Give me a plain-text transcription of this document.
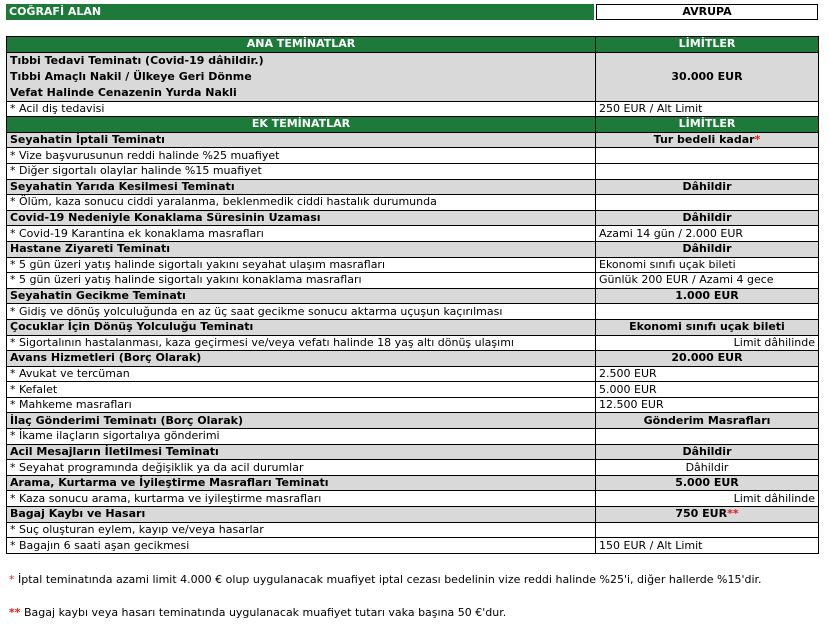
COĞRAFİ ALAN	AVRUPA
ANA TEMİNATLAR	LİMİTLER

Tıbbi Tedavi Teminatı (Covid-19 dâhildir.)
Tıbbi Amaçlı Nakil / Ülkeye Geri Dönme
Vefat Halinde Cenazenin Yurda Nakli	30.000 EUR
* Acil diş tedavisi	250 EUR / Alt Limit
EK TEMİNATLAR	LİMİTLER
Seyahatin İptali Teminatı	Tur bedeli kadar*
* Vize başvurusunun reddi halinde %25 muafiyet	
* Diğer sigortalı olaylar halinde %15 muafiyet	
Seyahatin Yarıda Kesilmesi Teminatı	Dâhildir
* Ölüm, kaza sonucu ciddi yaralanma, beklenmedik ciddi hastalık durumunda	
Covid-19 Nedeniyle Konaklama Süresinin Uzaması	Dâhildir
* Covid-19 Karantina ek konaklama masrafları	Azami 14 gün / 2.000 EUR
Hastane Ziyareti Teminatı	Dâhildir
* 5 gün üzeri yatış halinde sigortalı yakını seyahat ulaşım masrafları	Ekonomi sınıfı uçak bileti
* 5 gün üzeri yatış halinde sigortalı yakını konaklama masrafları	Günlük 200 EUR / Azami 4 gece
Seyahatin Gecikme Teminatı	1.000 EUR
* Gidiş ve dönüş yolculuğunda en az üç saat gecikme sonucu aktarma uçuşun kaçırılması	
Çocuklar İçin Dönüş Yolculuğu Teminatı	Ekonomi sınıfı uçak bileti
* Sigortalının hastalanması, kaza geçirmesi ve/veya vefatı halinde 18 yaş altı dönüş ulaşımı	Limit dâhilinde
Avans Hizmetleri (Borç Olarak)	20.000 EUR
* Avukat ve tercüman	2.500 EUR
* Kefalet	5.000 EUR
* Mahkeme masrafları	12.500 EUR
İlaç Gönderimi Teminatı (Borç Olarak)	Gönderim Masrafları
* İkame ilaçların sigortalıya gönderimi	
Acil Mesajların İletilmesi Teminatı	Dâhildir
* Seyahat programında değişiklik ya da acil durumlar	Dâhildir
Arama, Kurtarma ve İyileştirme Masrafları Teminatı	5.000 EUR
* Kaza sonucu arama, kurtarma ve iyileştirme masrafları	Limit dâhilinde
Bagaj Kaybı ve Hasarı	750 EUR**
* Suç oluşturan eylem, kayıp ve/veya hasarlar	
* Bagajın 6 saati aşan gecikmesi	150 EUR / Alt Limit
* İptal teminatında azami limit 4.000 € olup uygulanacak muafiyet iptal cezası bedelinin vize reddi halinde %25'i, diğer hallerde %15'dir.
** Bagaj kaybı veya hasarı teminatında uygulanacak muafiyet tutarı vaka başına 50 €'dur.
